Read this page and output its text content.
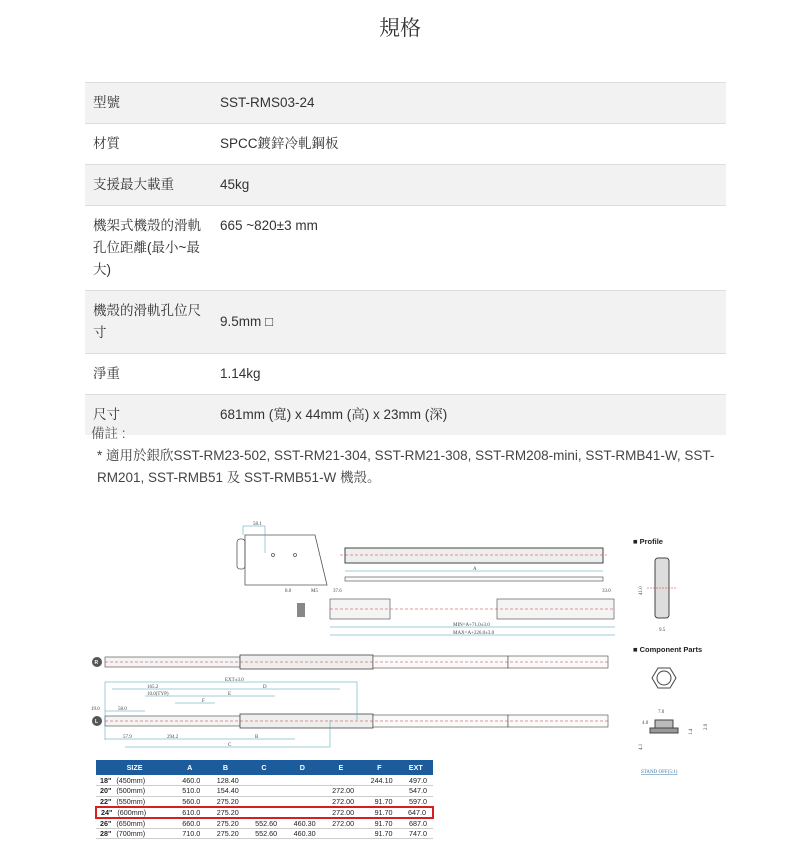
規格
型號	SST-RMS03-24
材質	SPCC鍍鋅冷軋鋼板
支援最大載重	45kg
機架式機殼的滑軌孔位距離(最小~最大)	665 ~820±3 mm
機殼的滑軌孔位尺寸	9.5mm □
淨重	1.14kg
尺寸	681mm (寬) x 44mm (高) x 23mm (深)
備註 :
* 適用於銀欣SST-RM23-502, SST-RM21-304, SST-RM21-308, SST-RM208-mini, SST-RMB41-W, SST-RM201, SST-RMB51 及 SST-RMB51-W 機殼。
58.1
A
8.0	M5	37.6	33.0
MIN=A+71.0±3.0
MAX=A+226.0±3.0
■ Profile
41.0
9.5
■ Component Parts
7.0
4.0
1.4
2.9
4.1
STAND OFF(5:1)
R
L
EXT±3.0
165.2	D
10.0(TYP)	E
F
19.0	58.0
B
57.9	294.2
C
SIZE	A	B	C	D	E	F	EXT
18" (450mm)	460.0	128.40				244.10	497.0
20" (500mm)	510.0	154.40			272.00		547.0
22" (550mm)	560.0	275.20			272.00	91.70	597.0
24" (600mm)	610.0	275.20			272.00	91.70	647.0
26" (650mm)	660.0	275.20	552.60	460.30	272.00	91.70	687.0
28" (700mm)	710.0	275.20	552.60	460.30		91.70	747.0
